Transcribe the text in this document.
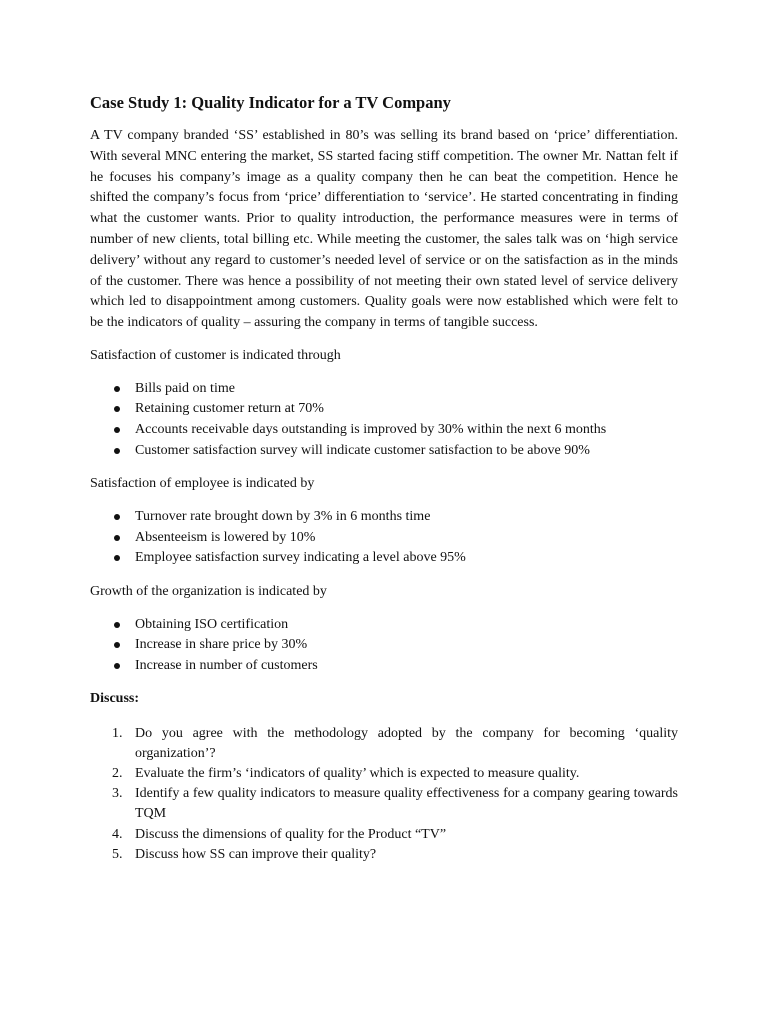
Case Study 1: Quality Indicator for a TV Company

A TV company branded ‘SS’ established in 80’s was selling its brand based on ‘price’ differentiation. With several MNC entering the market, SS started facing stiff competition. The owner Mr. Nattan felt if he focuses his company’s image as a quality company then he can beat the competition. Hence he shifted the company’s focus from ‘price’ differentiation to ‘service’. He started concentrating in finding what the customer wants. Prior to quality introduction, the performance measures were in terms of number of new clients, total billing etc. While meeting the customer, the sales talk was on ‘high service delivery’ without any regard to customer’s needed level of service or on the satisfaction as in the minds of the customer. There was hence a possibility of not meeting their own stated level of service delivery which led to disappointment among customers. Quality goals were now established which were felt to be the indicators of quality – assuring the company in terms of tangible success.

Satisfaction of customer is indicated through

Bills paid on time
Retaining customer return at 70%
Accounts receivable days outstanding is improved by 30% within the next 6 months
Customer satisfaction survey will indicate customer satisfaction to be above 90%

Satisfaction of employee is indicated by

Turnover rate brought down by 3% in 6 months time
Absenteeism is lowered by 10%
Employee satisfaction survey indicating a level above 95%

Growth of the organization is indicated by

Obtaining ISO certification
Increase in share price by 30%
Increase in number of customers

Discuss:

1. Do you agree with the methodology adopted by the company for becoming ‘quality organization’?
2. Evaluate the firm’s ‘indicators of quality’ which is expected to measure quality.
3. Identify a few quality indicators to measure quality effectiveness for a company gearing towards TQM
4. Discuss the dimensions of quality for the Product “TV”
5. Discuss how SS can improve their quality?
